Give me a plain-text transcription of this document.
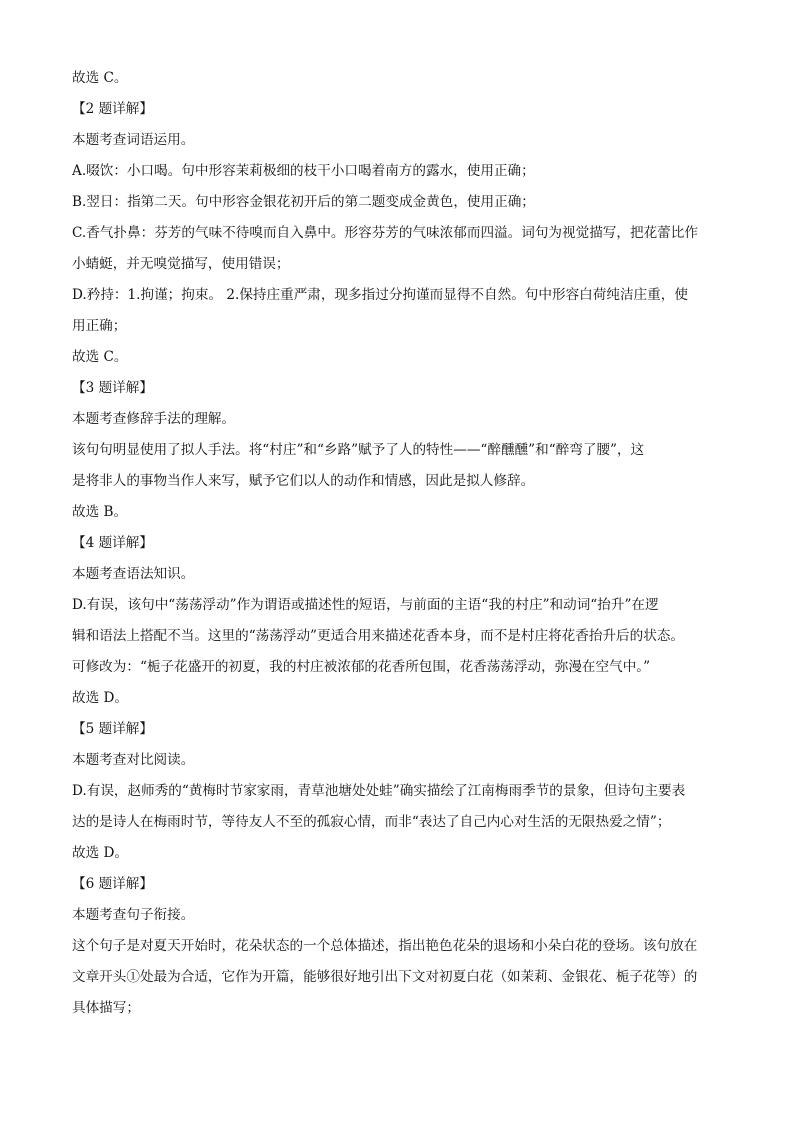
故选 C。
【2 题详解】
本题考查词语运用。
A.啜饮：小口喝。句中形容茉莉极细的枝干小口喝着南方的露水，使用正确；
B.翌日：指第二天。句中形容金银花初开后的第二题变成金黄色，使用正确；
C.香气扑鼻：芬芳的气味不待嗅而自入鼻中。形容芬芳的气味浓郁而四溢。词句为视觉描写，把花蕾比作
小蜻蜓，并无嗅觉描写，使用错误；
D.矜持：1.拘谨；拘束。 2.保持庄重严肃，现多指过分拘谨而显得不自然。句中形容白荷纯洁庄重，使
用正确；
故选 C。
【3 题详解】
本题考查修辞手法的理解。
该句句明显使用了拟人手法。将“村庄”和“乡路”赋予了人的特性——“醉醺醺”和“醉弯了腰”，这
是将非人的事物当作人来写，赋予它们以人的动作和情感，因此是拟人修辞。
故选 B。
【4 题详解】
本题考查语法知识。
D.有误，该句中“荡荡浮动”作为谓语或描述性的短语，与前面的主语“我的村庄”和动词“抬升”在逻
辑和语法上搭配不当。这里的“荡荡浮动”更适合用来描述花香本身，而不是村庄将花香抬升后的状态。
可修改为：“栀子花盛开的初夏，我的村庄被浓郁的花香所包围，花香荡荡浮动，弥漫在空气中。”
故选 D。
【5 题详解】
本题考查对比阅读。
D.有误，赵师秀的“黄梅时节家家雨，青草池塘处处蛙”确实描绘了江南梅雨季节的景象，但诗句主要表
达的是诗人在梅雨时节，等待友人不至的孤寂心情，而非“表达了自己内心对生活的无限热爱之情”；
故选 D。
【6 题详解】
本题考查句子衔接。
这个句子是对夏天开始时，花朵状态的一个总体描述，指出艳色花朵的退场和小朵白花的登场。该句放在
文章开头①处最为合适，它作为开篇，能够很好地引出下文对初夏白花（如茉莉、金银花、栀子花等）的
具体描写；
